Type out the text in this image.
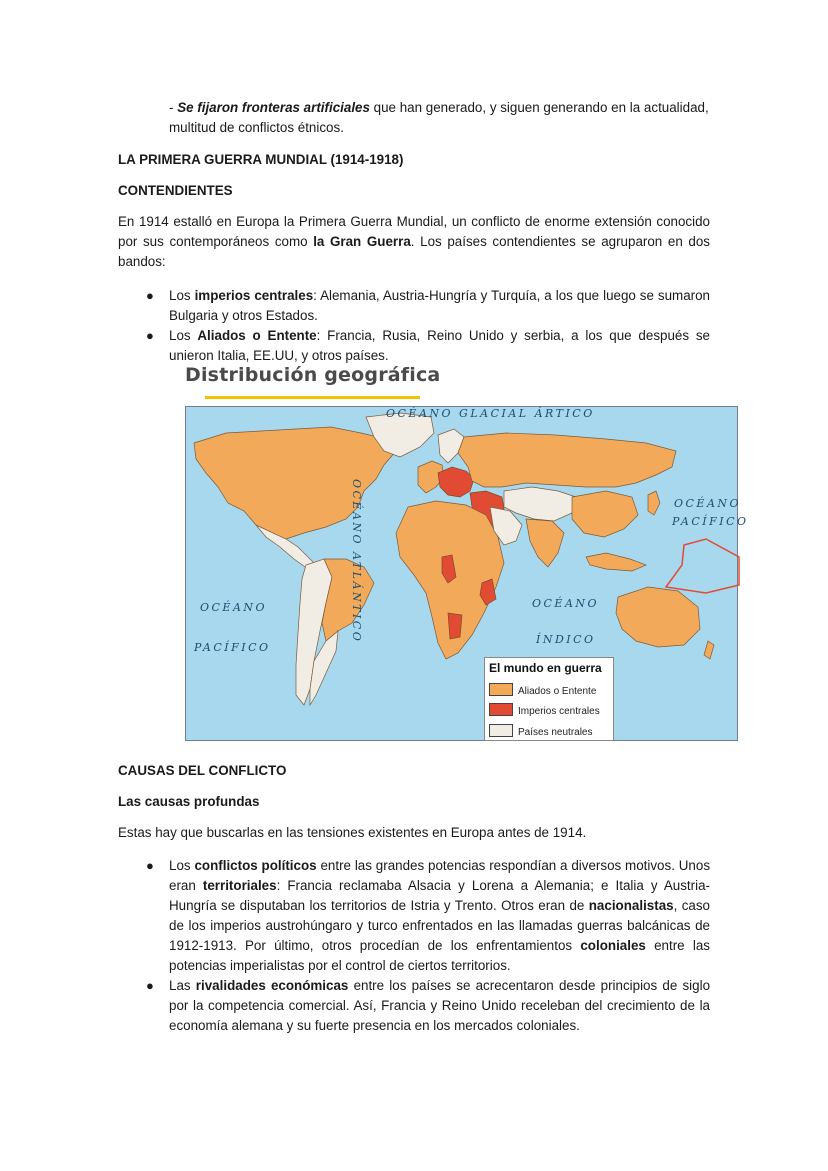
- Se fijaron fronteras artificiales que han generado, y siguen generando en la actualidad, multitud de conflictos étnicos.
LA PRIMERA GUERRA MUNDIAL (1914-1918)
CONTENDIENTES
En 1914 estalló en Europa la Primera Guerra Mundial, un conflicto de enorme extensión conocido por sus contemporáneos como la Gran Guerra. Los países contendientes se agruparon en dos bandos:
● Los imperios centrales: Alemania, Austria-Hungría y Turquía, a los que luego se sumaron Bulgaria y otros Estados.
● Los Aliados o Entente: Francia, Rusia, Reino Unido y serbia, a los que después se unieron Italia, EE.UU, y otros países.
Distribución geográfica
OCÉANO GLACIAL ÁRTICO
OCÉANO ATLÁNTICO
OCÉANO
PACÍFICO
OCÉANO
PACÍFICO
OCÉANO
ÍNDICO
El mundo en guerra
Aliados o Entente
Imperios centrales
Países neutrales
CAUSAS DEL CONFLICTO
Las causas profundas
Estas hay que buscarlas en las tensiones existentes en Europa antes de 1914.
● Los conflictos políticos entre las grandes potencias respondían a diversos motivos. Unos eran territoriales: Francia reclamaba Alsacia y Lorena a Alemania; e Italia y Austria-Hungría se disputaban los territorios de Istria y Trento. Otros eran de nacionalistas, caso de los imperios austrohúngaro y turco enfrentados en las llamadas guerras balcánicas de 1912-1913. Por último, otros procedían de los enfrentamientos coloniales entre las potencias imperialistas por el control de ciertos territorios.
● Las rivalidades económicas entre los países se acrecentaron desde principios de siglo por la competencia comercial. Así, Francia y Reino Unido receleban del crecimiento de la economía alemana y su fuerte presencia en los mercados coloniales.
